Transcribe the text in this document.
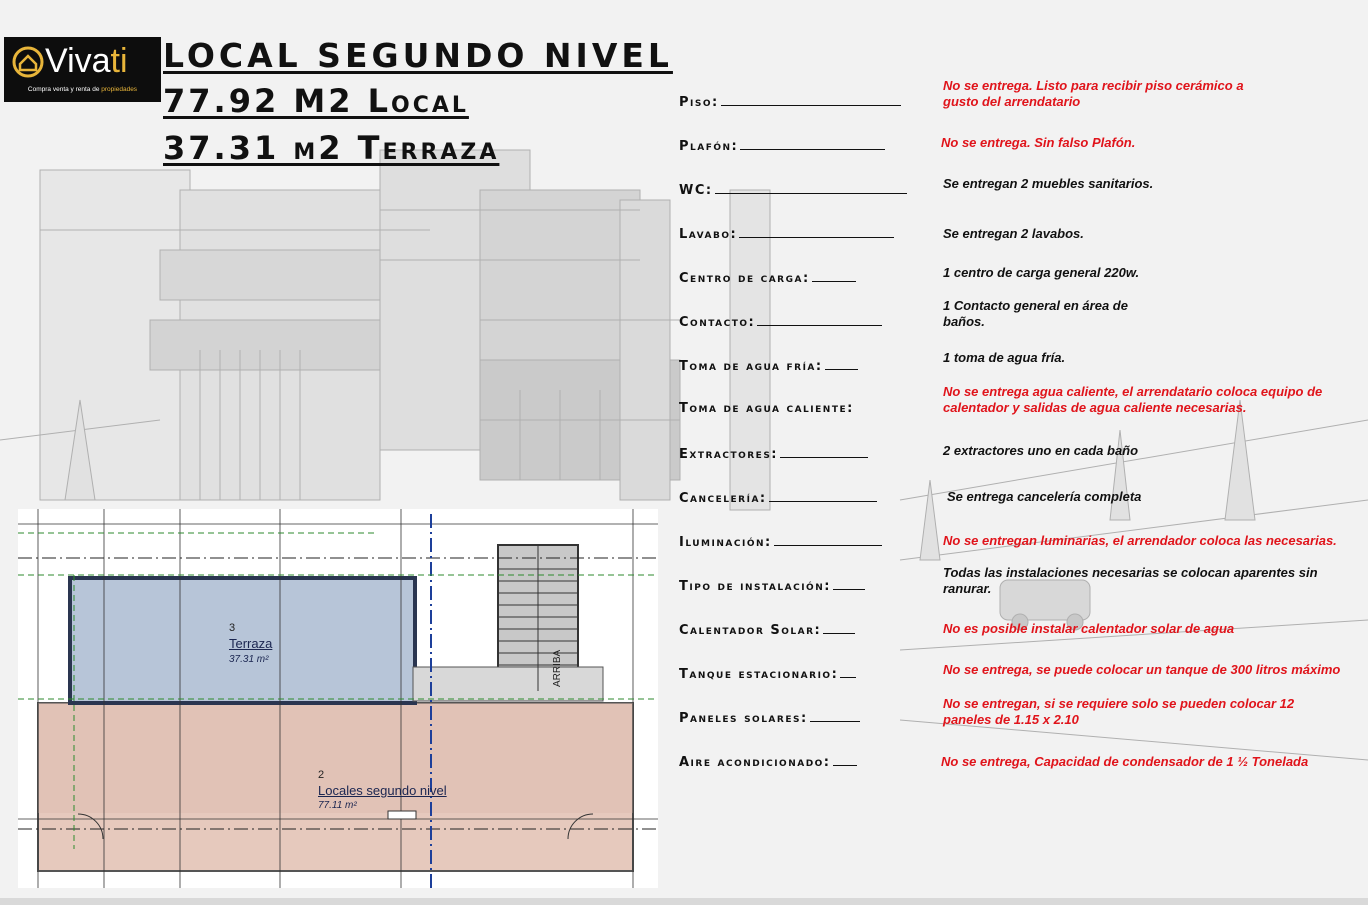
Vivati
Compra venta y renta de propiedades
LOCAL SEGUNDO NIVEL
77.92 M2 Local
37.31 m2 Terraza
Piso:
No se entrega. Listo para recibir piso cerámico a gusto del arrendatario
Plafón:	No se entrega. Sin falso Plafón.
WC:	Se entregan 2 muebles sanitarios.
Lavabo:	Se entregan 2 lavabos.
Centro de carga:	1 centro de carga general 220w.
Contacto:
1 Contacto general en área de baños.
Toma de agua fría:
1 toma de agua fría.
Toma de agua caliente:
No se entrega agua caliente, el arrendatario coloca equipo de calentador y salidas de agua caliente necesarias.
Extractores:	2 extractores uno en cada baño
Cancelería:	Se entrega cancelería completa
Iluminación:	No se entregan luminarias, el arrendador coloca las necesarias.
Tipo de instalación:
Todas las instalaciones necesarias se colocan aparentes sin ranurar.
Calentador Solar:	No es posible instalar calentador solar de agua
Tanque estacionario:	No se entrega, se puede colocar un tanque de 300 litros máximo
Paneles solares:
No se entregan, si se requiere solo se pueden colocar 12 paneles de 1.15 x 2.10
Aire acondicionado:	No se entrega, Capacidad de condensador de 1 ½ Tonelada
3
Terraza
37.31 m²
2
Locales segundo nivel
77.11 m²
ARRIBA
